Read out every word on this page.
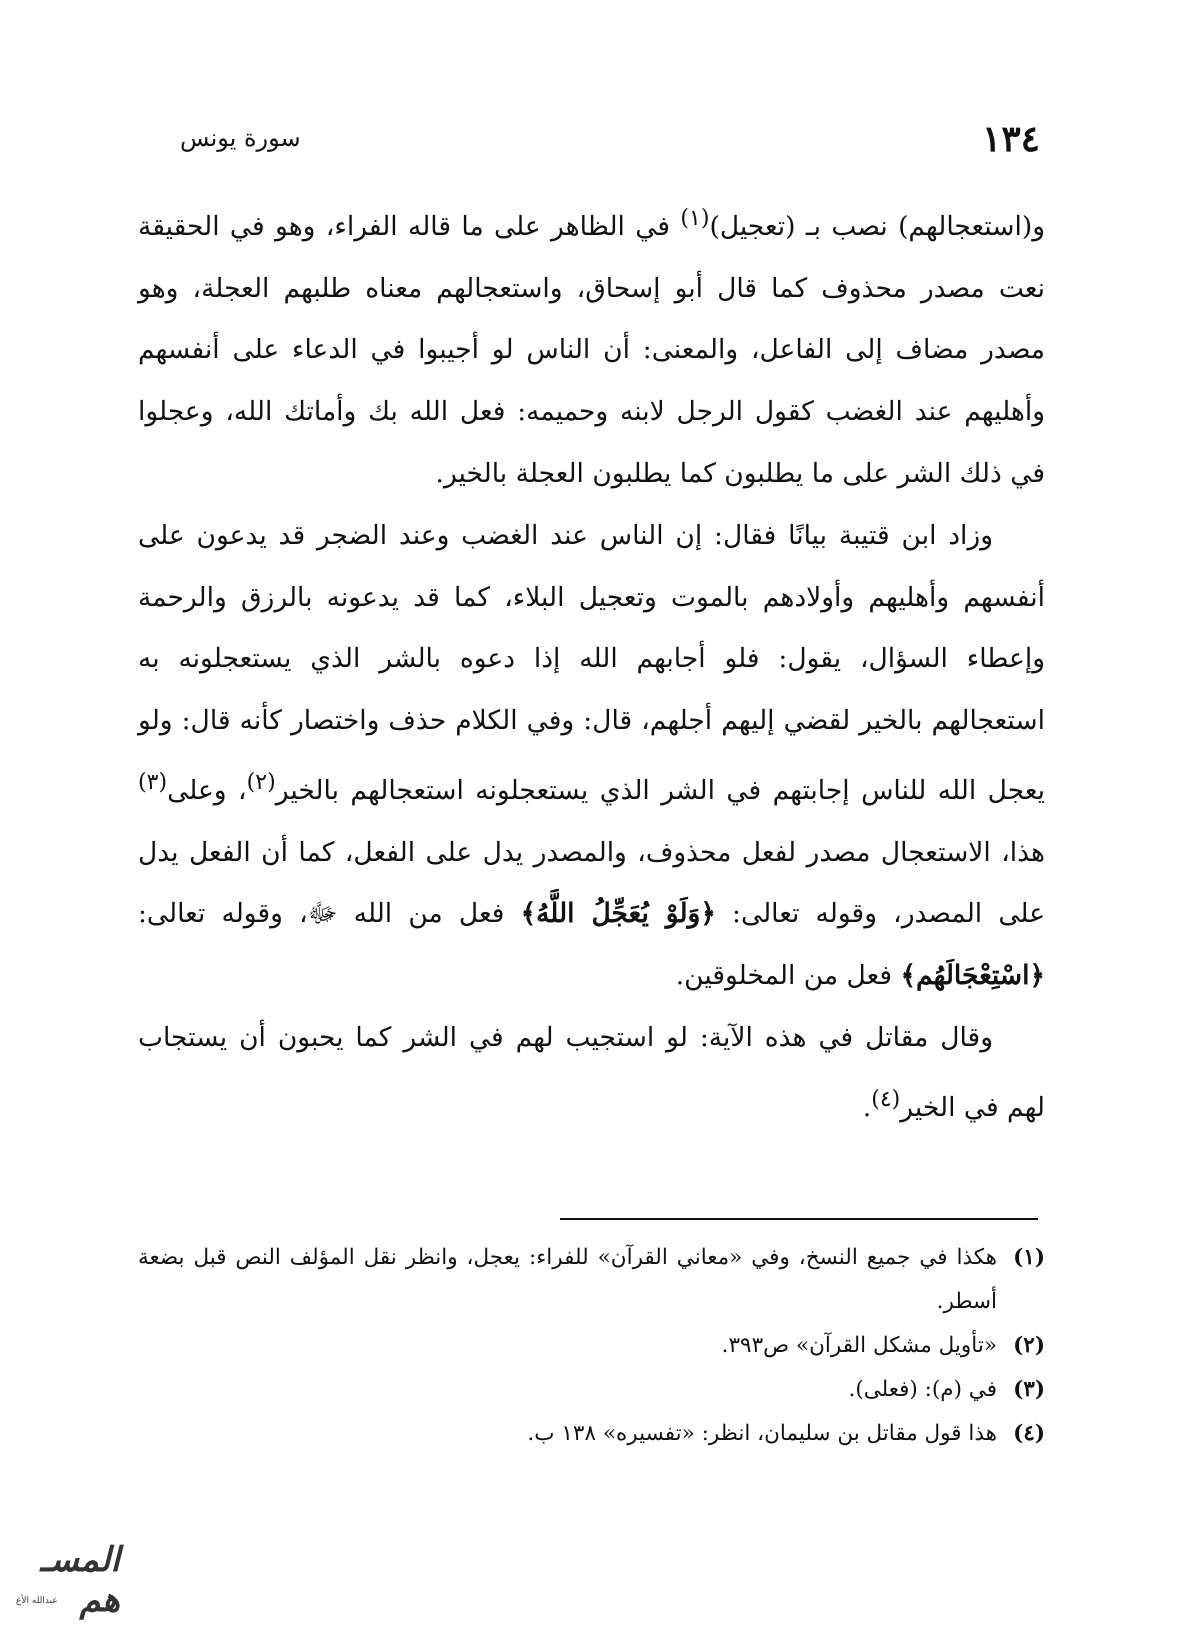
١٣٤
سورة يونس

و(استعجالهم) نصب بـ (تعجيل)$^{(١)}$ في الظاهر على ما قاله الفراء، وهو في الحقيقة نعت مصدر محذوف كما قال أبو إسحاق، واستعجالهم معناه طلبهم العجلة، وهو مصدر مضاف إلى الفاعل، والمعنى: أن الناس لو أجيبوا في الدعاء على أنفسهم وأهليهم عند الغضب كقول الرجل لابنه وحميمه: فعل الله بك وأماتك الله، وعجلوا في ذلك الشر على ما يطلبون كما يطلبون العجلة بالخير.

وزاد ابن قتيبة بيانًا فقال: إن الناس عند الغضب وعند الضجر قد يدعون على أنفسهم وأهليهم وأولادهم بالموت وتعجيل البلاء، كما قد يدعونه بالرزق والرحمة وإعطاء السؤال، يقول: فلو أجابهم الله إذا دعوه بالشر الذي يستعجلونه به استعجالهم بالخير لقضي إليهم أجلهم، قال: وفي الكلام حذف واختصار كأنه قال: ولو يعجل الله للناس إجابتهم في الشر الذي يستعجلونه استعجالهم بالخير$^{(٢)}$، وعلى$^{(٣)}$ هذا، الاستعجال مصدر لفعل محذوف، والمصدر يدل على الفعل، كما أن الفعل يدل على المصدر، وقوله تعالى: ﴿وَلَوْ يُعَجِّلُ اللَّهُ﴾ فعل من الله ﷻ، وقوله تعالى: ﴿اسْتِعْجَالَهُم﴾ فعل من المخلوقين.

وقال مقاتل في هذه الآية: لو استجيب لهم في الشر كما يحبون أن يستجاب لهم في الخير$^{(٤)}$.

(١)
هكذا في جميع النسخ، وفي «معاني القرآن» للفراء: يعجل، وانظر نقل المؤلف النص قبل بضعة أسطر.
(٢)
«تأويل مشكل القرآن» ص٣٩٣.
(٣)
في (م): (فعلى).
(٤)
هذا قول مقاتل بن سليمان، انظر: «تفسيره» ١٣٨ ب.
المسـ هم
عبدالله الأغ
